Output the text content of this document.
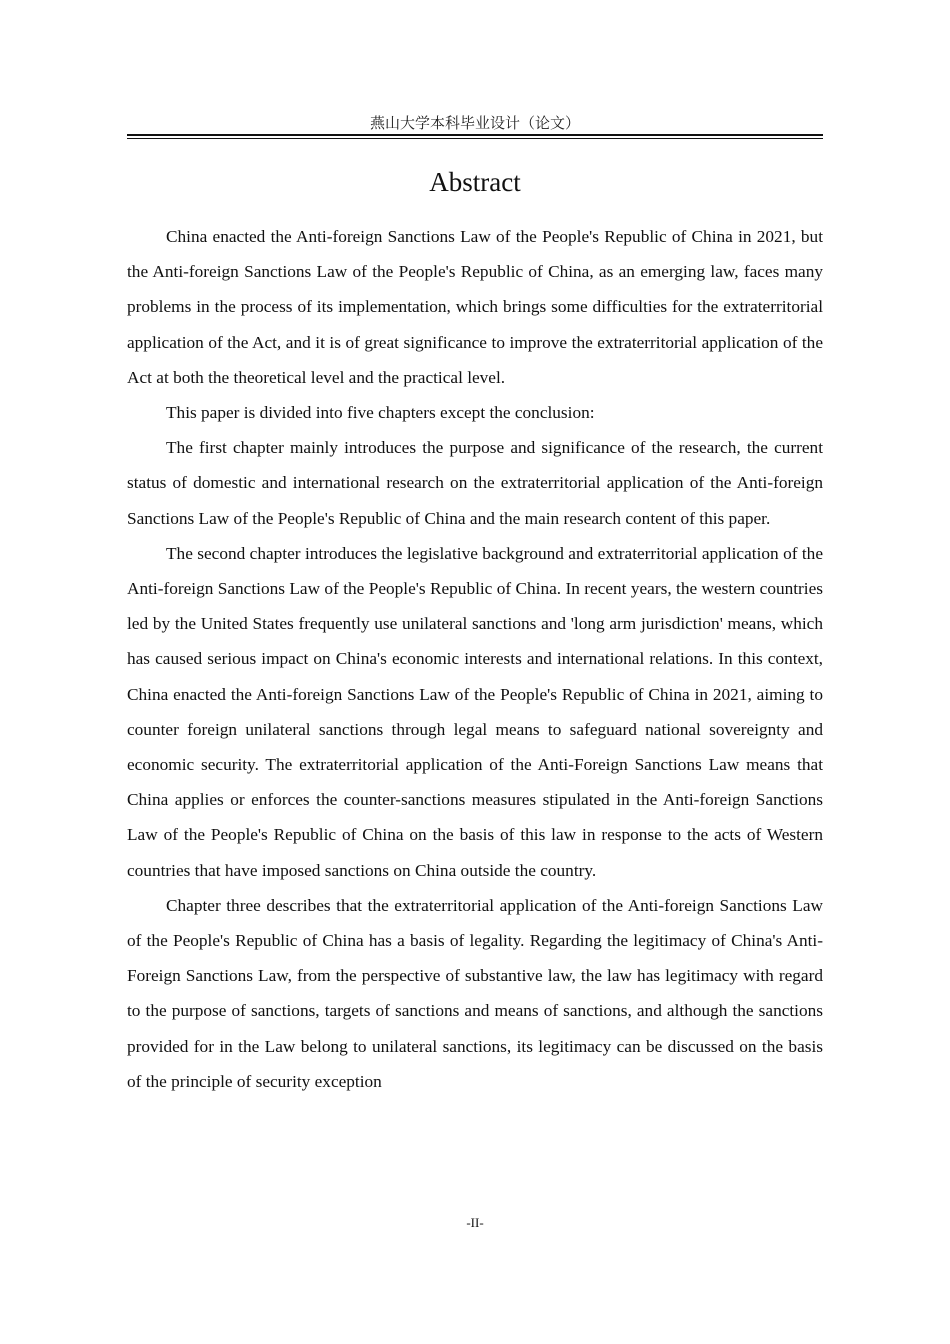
燕山大学本科毕业设计（论文）
Abstract

China enacted the Anti-foreign Sanctions Law of the People's Republic of China in 2021, but the Anti-foreign Sanctions Law of the People's Republic of China, as an emerging law, faces many problems in the process of its implementation, which brings some difficulties for the extraterritorial application of the Act, and it is of great significance to improve the extraterritorial application of the Act at both the theoretical level and the practical level.

This paper is divided into five chapters except the conclusion:

The first chapter mainly introduces the purpose and significance of the research, the current status of domestic and international research on the extraterritorial application of the Anti-foreign Sanctions Law of the People's Republic of China and the main research content of this paper.

The second chapter introduces the legislative background and extraterritorial application of the Anti-foreign Sanctions Law of the People's Republic of China. In recent years, the western countries led by the United States frequently use unilateral sanctions and 'long arm jurisdiction' means, which has caused serious impact on China's economic interests and international relations. In this context, China enacted the Anti-foreign Sanctions Law of the People's Republic of China in 2021, aiming to counter foreign unilateral sanctions through legal means to safeguard national sovereignty and economic security. The extraterritorial application of the Anti-Foreign Sanctions Law means that China applies or enforces the counter-sanctions measures stipulated in the Anti-foreign Sanctions Law of the People's Republic of China on the basis of this law in response to the acts of Western countries that have imposed sanctions on China outside the country.

Chapter three describes that the extraterritorial application of the Anti-foreign Sanctions Law of the People's Republic of China has a basis of legality. Regarding the legitimacy of China's Anti-Foreign Sanctions Law, from the perspective of substantive law, the law has legitimacy with regard to the purpose of sanctions, targets of sanctions and means of sanctions, and although the sanctions provided for in the Law belong to unilateral sanctions, its legitimacy can be discussed on the basis of the principle of security exception

-II-
